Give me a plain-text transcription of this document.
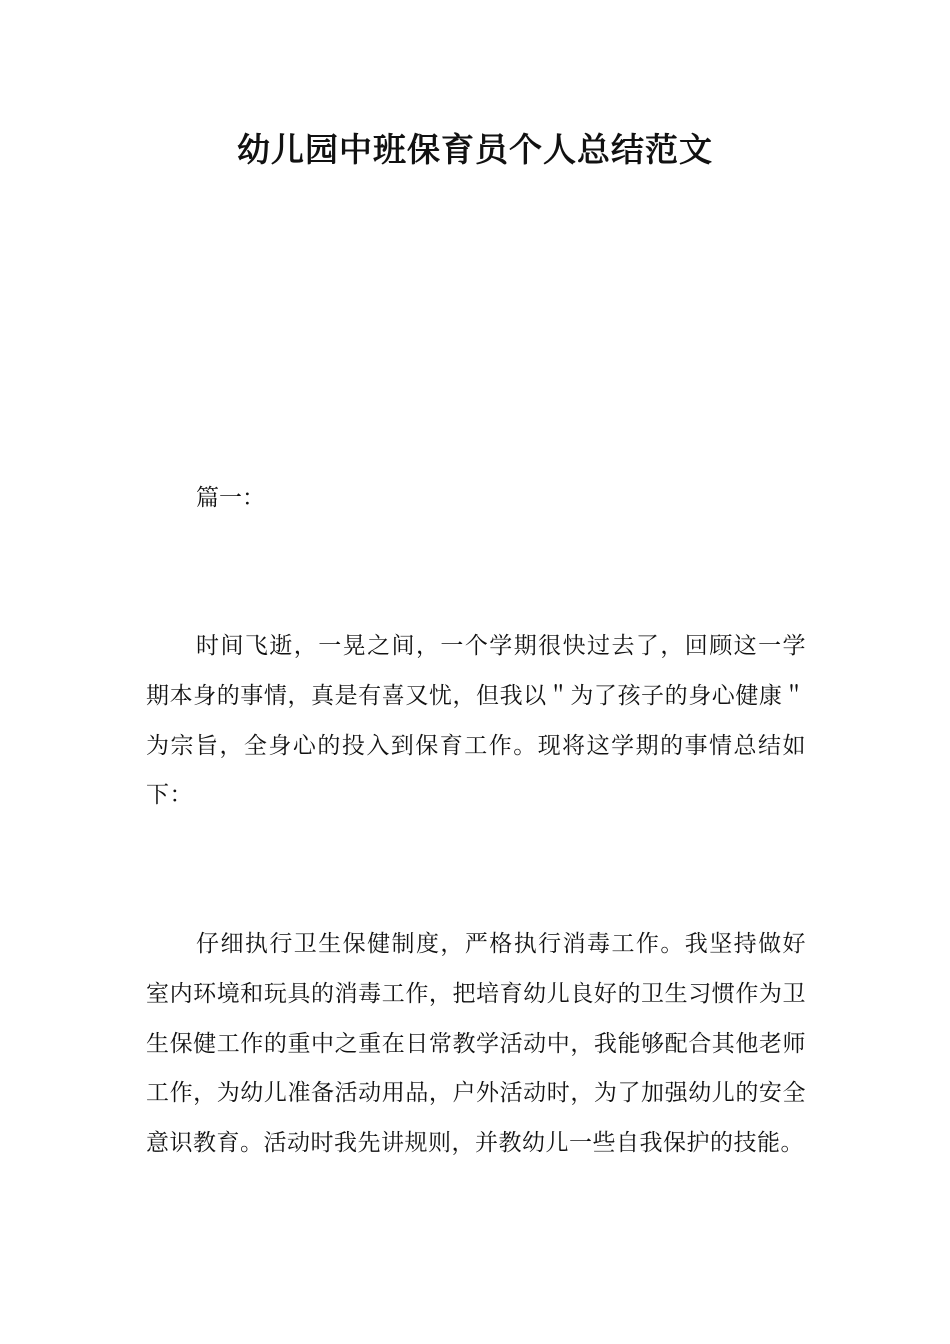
幼儿园中班保育员个人总结范文

篇一：

时间飞逝，一晃之间，一个学期很快过去了，回顾这一学期本身的事情，真是有喜又忧，但我以＂为了孩子的身心健康＂为宗旨，全身心的投入到保育工作。现将这学期的事情总结如下：

仔细执行卫生保健制度，严格执行消毒工作。我坚持做好室内环境和玩具的消毒工作，把培育幼儿良好的卫生习惯作为卫生保健工作的重中之重在日常教学活动中，我能够配合其他老师工作，为幼儿准备活动用品，户外活动时，为了加强幼儿的安全意识教育。活动时我先讲规则，并教幼儿一些自我保护的技能。
